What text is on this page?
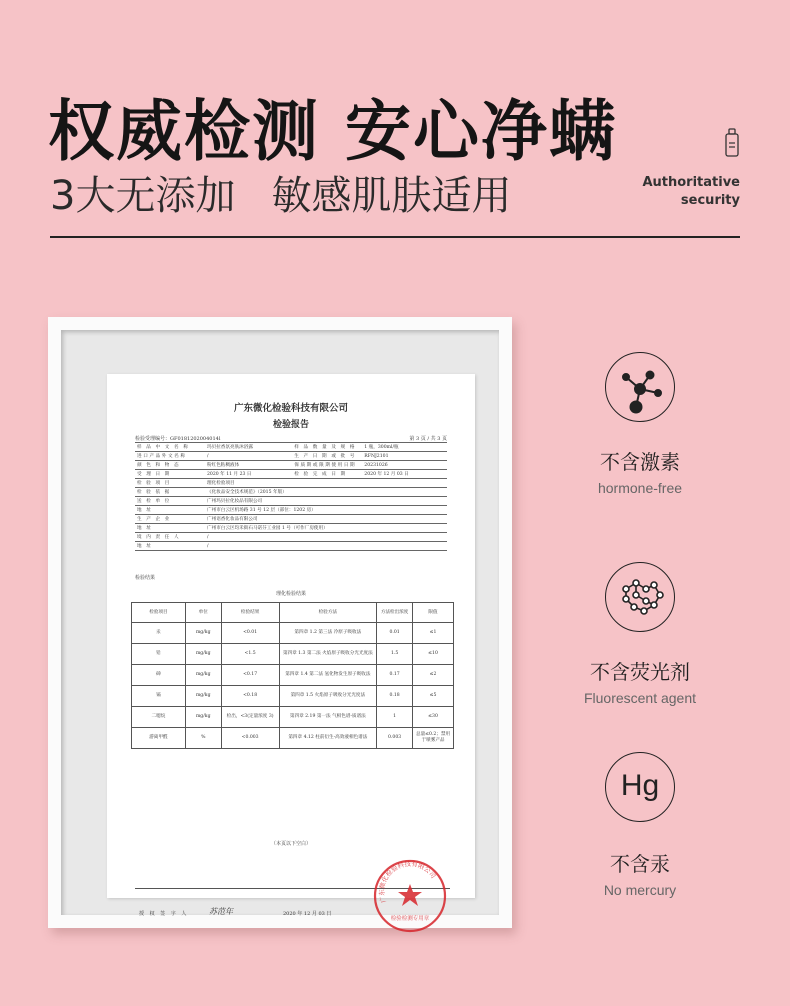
权威检测 安心净螨
3大无添加 敏感肌肤适用	Authoritative
security
广东微化检验科技有限公司
检验报告
检验受理编号：GF0181202004014l	第 3 页 / 共 3 页
样 品 中 文 名 称	玛贝拉香氛亮肤沐浴露	样 品 数 量 及 规 格	1 瓶，300ml/瓶
进口产品外文名称	/	生 产 日 期 或 批 号	RFNJ2101
颜 色 和 物 态	粉红色粘稠液体	保质期或限期使用日期	20231026
受 理 日 期	2020 年 11 月 23 日	检 验 完 成 日 期	2020 年 12 月 03 日
检 验 项 目	理化检验项目		
检 验 依 据	《化妆品安全技术规范》（2015 年版）		
送 检 单 位	广州玛贝拉化妆品有限公司		
地 址	广州市白云区机场路 31 号 12 层（部位：1202 房）		
生 产 企 业	广州语香化妆品有限公司		
地 址	广州市白云区均禾街石马诺芬工业园 1 号（可作厂房使用）		
境 内 责 任 人	/		
地 址	/		
检验结果
理化检验结果
检验项目	单位	检验结果	检验方法	方法检出浓度	限值
汞	mg/kg	<0.01	第四章 1.2 第三法 冷原子吸收法	0.01	≤1
铅	mg/kg	<1.5	第四章 1.3 第二法 火焰原子吸收分光光度法	1.5	≤10
砷	mg/kg	<0.17	第四章 1.4 第二法 氢化物发生原子吸收法	0.17	≤2
镉	mg/kg	<0.18	第四章 1.5 火焰原子吸收分光光度法	0.18	≤5
二噁烷	mg/kg	检出，<3(定量浓度 3)	第四章 2.19 第一法 气相色谱-质谱法	1	≤30
游离甲醛	%	<0.003	第四章 4.12 柱前衍生-高效液相色谱法	0.003	总量≤0.2；禁用于喷雾产品
（本页以下空白）
授 权 签 字 人	苏范年	2020 年 12 月 03 日
广东微化检验科技有限公司
检验检测专用章
不含激素
hormone-free
不含荧光剂
Fluorescent agent
Hg
不含汞
No mercury
